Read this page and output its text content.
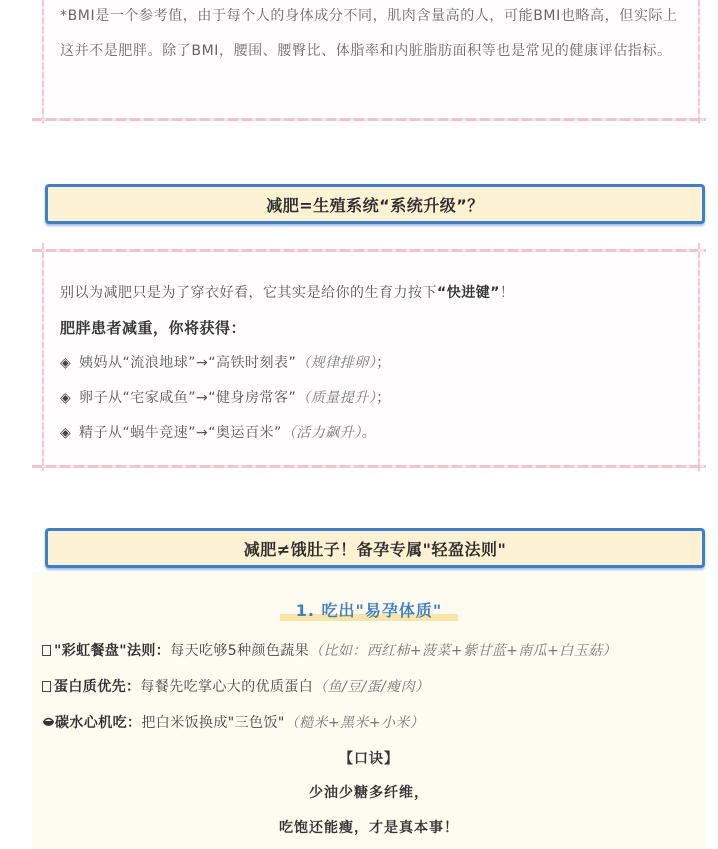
*BMI是一个参考值，由于每个人的身体成分不同，肌肉含量高的人，可能BMI也略高，但实际上这并不是肥胖。除了BMI，腰围、腰臀比、体脂率和内脏脂肪面积等也是常见的健康评估指标。
减肥=生殖系统“系统升级”？
别以为减肥只是为了穿衣好看，它其实是给你的生育力按下“快进键”！
肥胖患者减重，你将获得：
◈ 姨妈从“流浪地球”→“高铁时刻表”（规律排卵）；
◈ 卵子从“宅家咸鱼”→“健身房常客”（质量提升）；
◈ 精子从“蜗牛竞速”→“奥运百米”（活力飙升）。
减肥≠饿肚子！备孕专属"轻盈法则"
1. 吃出"易孕体质"
"彩虹餐盘"法则：每天吃够5种颜色蔬果（比如：西红柿+菠菜+紫甘蓝+南瓜+白玉菇）
蛋白质优先：每餐先吃掌心大的优质蛋白（鱼/豆/蛋/瘦肉）
碳水心机吃：把白米饭换成"三色饭"（糙米+黑米+小米）
【口诀】
少油少糖多纤维，
吃饱还能瘦，才是真本事！
